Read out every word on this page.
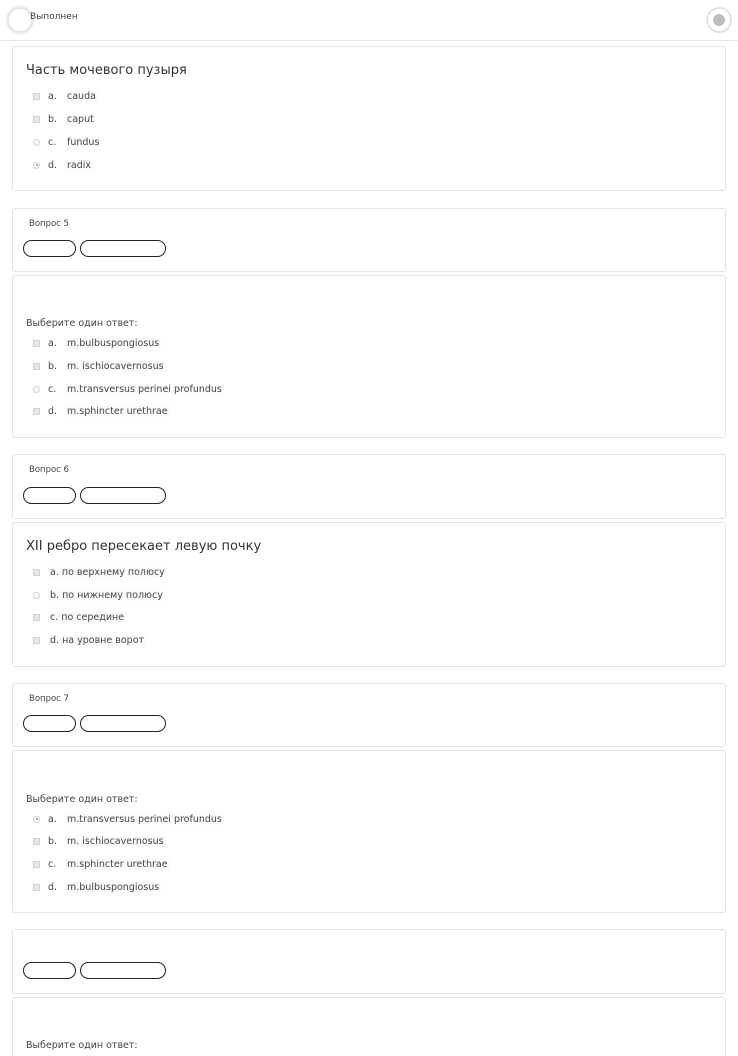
Выполнен
Часть мочевого пузыря
a.	cauda
b.	caput
c.	fundus
d.	radix
Вопрос 5
Выберите один ответ:
a.	m.bulbuspongiosus
b.	m. ischiocavernosus
c.	m.transversus perinei profundus
d.	m.sphincter urethrae
Вопрос 6
XII ребро пересекает левую почку
a. по верхнему полюсу
b. по нижнему полюсу
c. по середине
d. на уровне ворот
Вопрос 7
Выберите один ответ:
a.	m.transversus perinei profundus
b.	m. ischiocavernosus
c.	m.sphincter urethrae
d.	m.bulbuspongiosus
Выберите один ответ:
